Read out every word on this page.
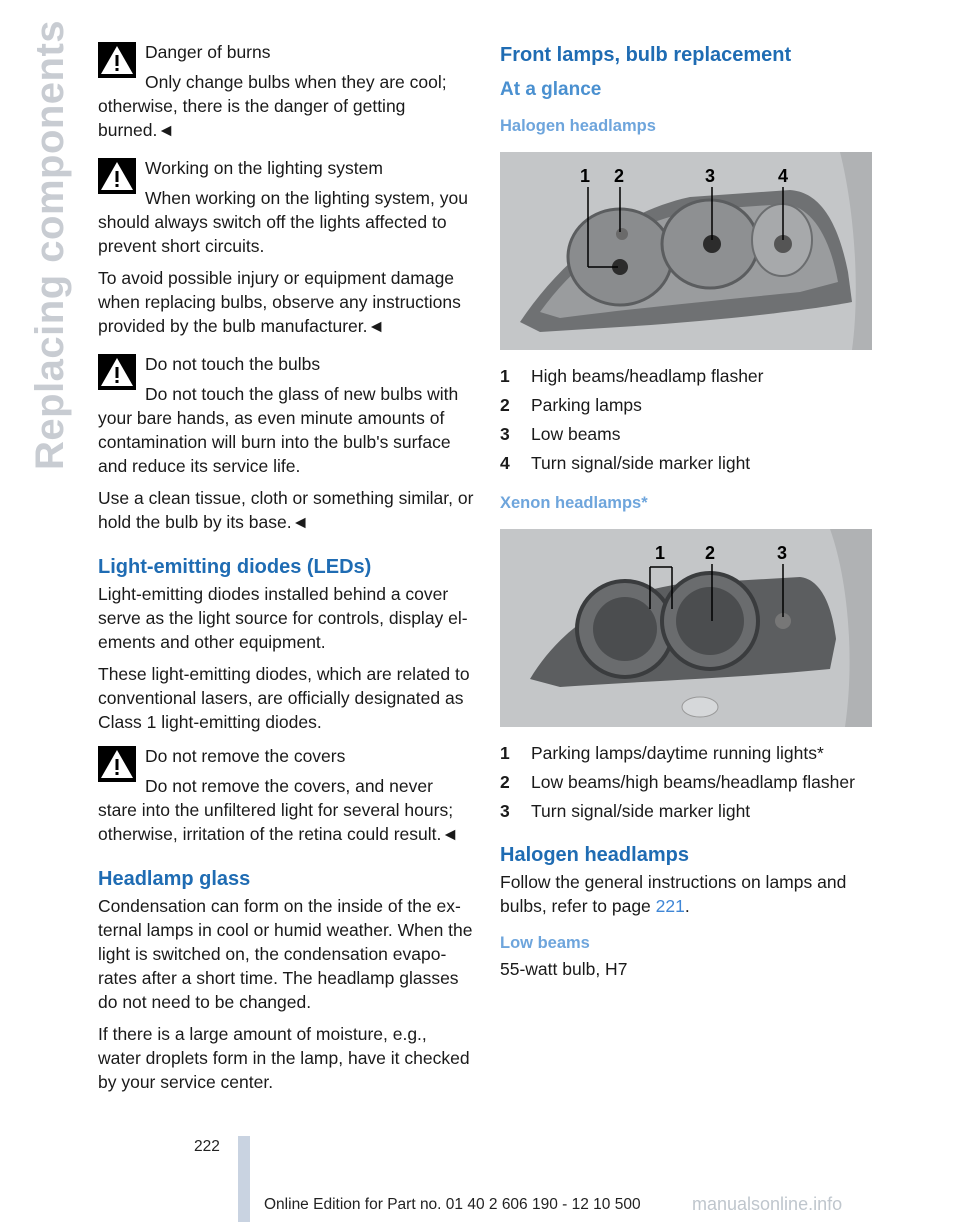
Replacing components	Danger of burns

Only change bulbs when they are cool; otherwise, there is the danger of getting burned.◄

Working on the lighting system

When working on the lighting system, you should always switch off the lights affected to prevent short circuits.

To avoid possible injury or equipment damage when replacing bulbs, observe any instructions provided by the bulb manufacturer.◄

Do not touch the bulbs

Do not touch the glass of new bulbs with your bare hands, as even minute amounts of contamination will burn into the bulb's surface and reduce its service life.

Use a clean tissue, cloth or something similar, or hold the bulb by its base.◄

Light-emitting diodes (LEDs)

Light-emitting diodes installed behind a cover serve as the light source for controls, display elements and other equipment.

These light-emitting diodes, which are related to conventional lasers, are officially designated as Class 1 light-emitting diodes.

Do not remove the covers

Do not remove the covers, and never stare into the unfiltered light for several hours; otherwise, irritation of the retina could result.◄

Headlamp glass

Condensation can form on the inside of the external lamps in cool or humid weather. When the light is switched on, the condensation evaporates after a short time. The headlamp glasses do not need to be changed.

If there is a large amount of moisture, e.g., water droplets form in the lamp, have it checked by your service center.

Front lamps, bulb replacement
At a glance
Halogen headlamps
1 2	3	4
1 High beams/headlamp flasher
2 Parking lamps
3 Low beams
4 Turn signal/side marker light
Xenon headlamps*
1 2	3
1 Parking lamps/daytime running lights*
2 Low beams/high beams/headlamp flasher
3 Turn signal/side marker light
Halogen headlamps

Follow the general instructions on lamps and bulbs, refer to page 221.

Low beams

55-watt bulb, H7

222
Online Edition for Part no. 01 40 2 606 190 - 12 10 500	manualsonline.info
